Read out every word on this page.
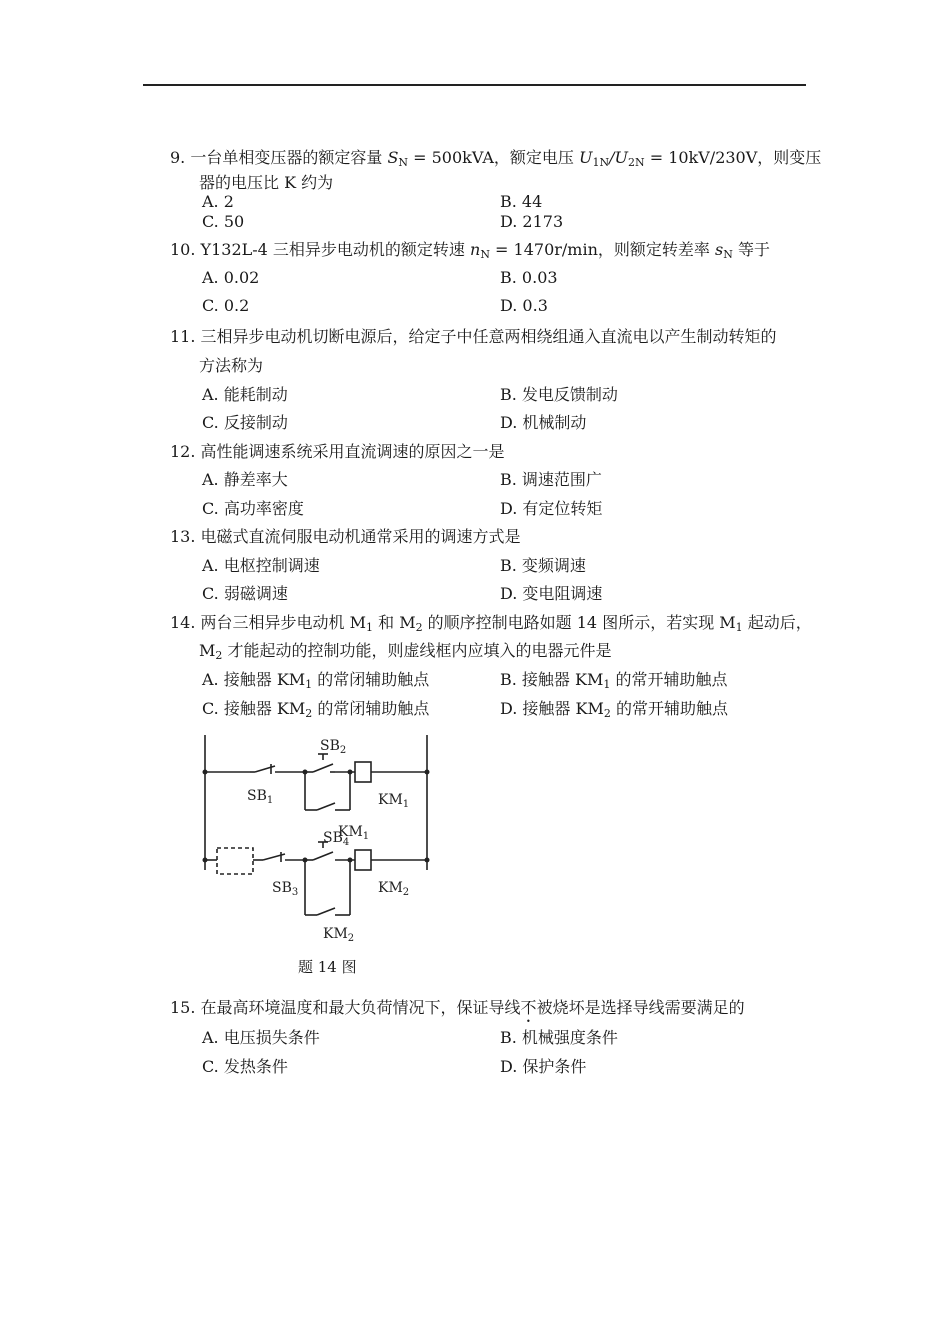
9. 一台单相变压器的额定容量 $S_N = 500kVA$，额定电压 $U_{1N}/U_{2N} = 10kV/230V$，则变压
器的电压比 K 约为
A. 2	B. 44
C. 50	D. 2173
10. Y132L-4 三相异步电动机的额定转速 $n_N = 1470r/\min$，则额定转差率 $s_N$ 等于
A. 0.02	B. 0.03
C. 0.2	D. 0.3
11. 三相异步电动机切断电源后，给定子中任意两相绕组通入直流电以产生制动转矩的
方法称为
A. 能耗制动	B. 发电反馈制动
C. 反接制动	D. 机械制动
12. 高性能调速系统采用直流调速的原因之一是
A. 静差率大	B. 调速范围广
C. 高功率密度	D. 有定位转矩
13. 电磁式直流伺服电动机通常采用的调速方式是
A. 电枢控制调速	B. 变频调速
C. 弱磁调速	D. 变电阻调速
14. 两台三相异步电动机 $M_1$ 和 $M_2$ 的顺序控制电路如题 14 图所示，若实现 $M_1$ 起动后，
$M_2$ 才能起动的控制功能，则虚线框内应填入的电器元件是
A. 接触器 $KM_1$ 的常闭辅助触点	B. 接触器 $KM_1$ 的常开辅助触点
C. 接触器 $KM_2$ 的常闭辅助触点	D. 接触器 $KM_2$ 的常开辅助触点
$SB_1$
$SB_2$
$KM_1$
$KM_1$
$SB_4$
$SB_3$	$KM_2$
$KM_2$
题 14 图
15. 在最高环境温度和最大负荷情况下，保证导线不被烧坏是选择导线需要满足的
A. 电压损失条件	B. 机械强度条件
C. 发热条件	D. 保护条件
